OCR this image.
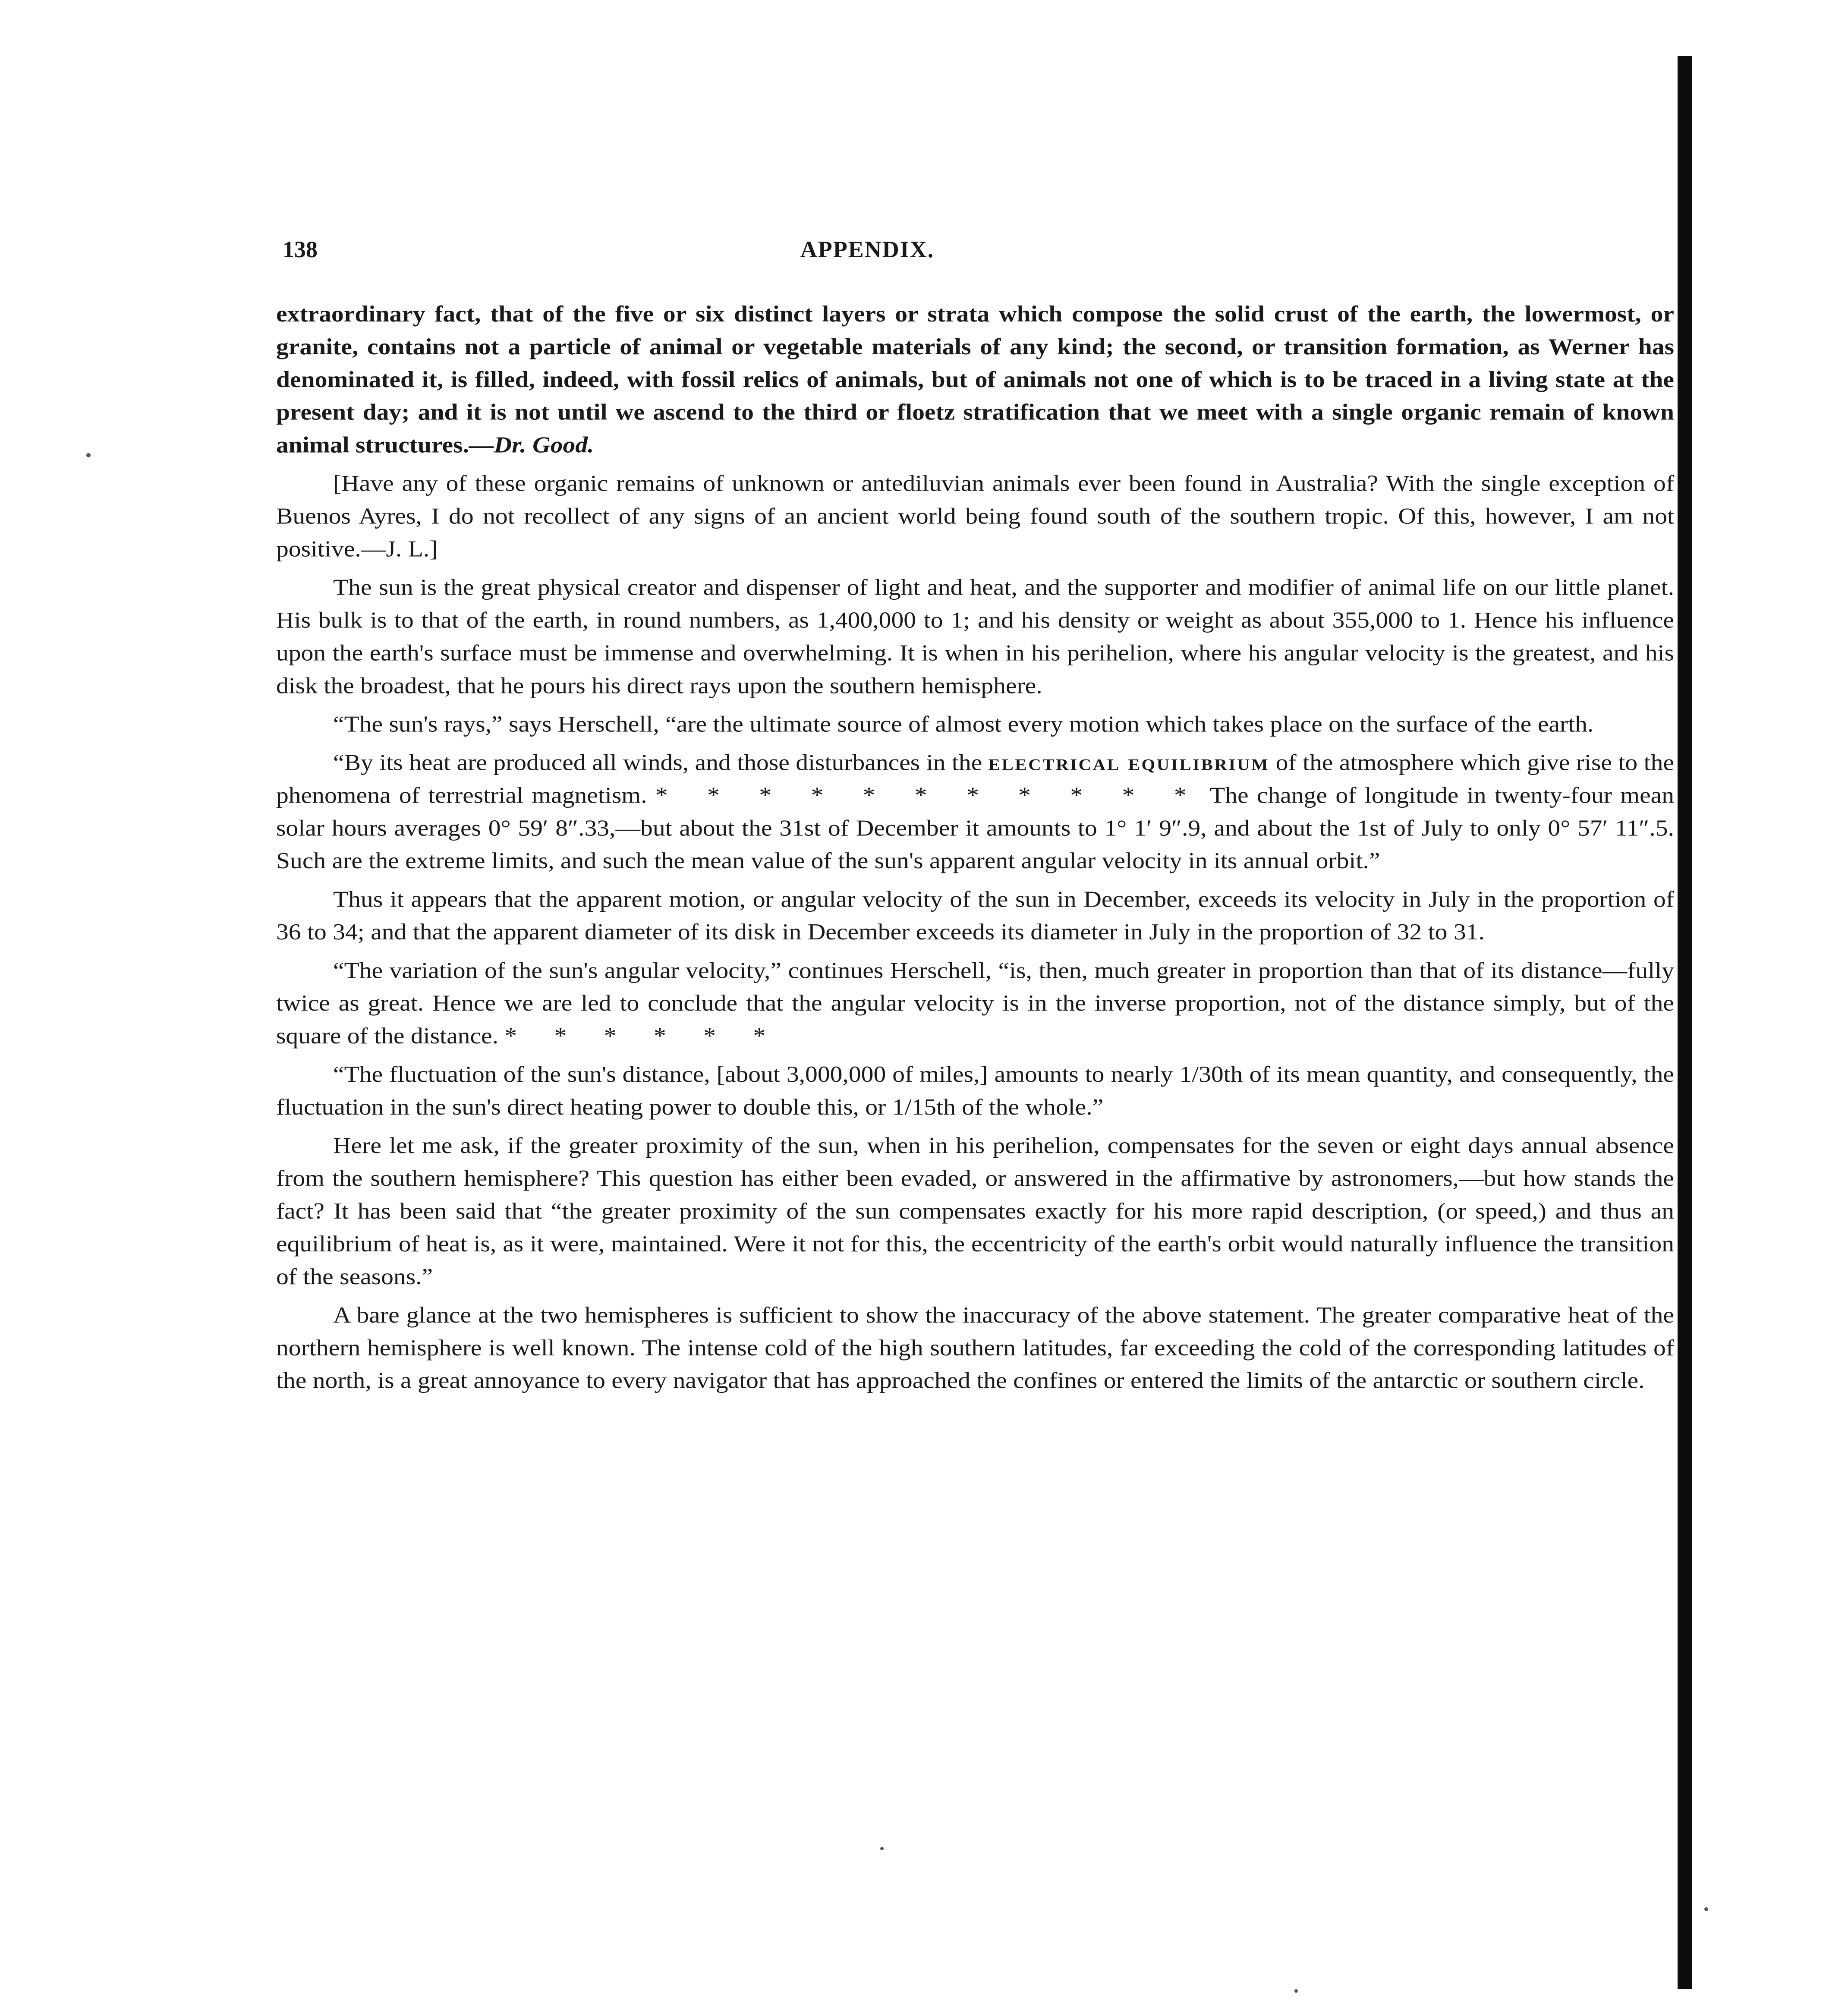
138	APPENDIX.

extraordinary fact, that of the five or six distinct layers or strata which compose the solid crust of the earth, the lowermost, or granite, contains not a particle of animal or vegetable materials of any kind; the second, or transition formation, as Werner has denominated it, is filled, indeed, with fossil relics of animals, but of animals not one of which is to be traced in a living state at the present day; and it is not until we ascend to the third or floetz stratification that we meet with a single organic remain of known animal structures.—Dr. Good.

[Have any of these organic remains of unknown or antediluvian animals ever been found in Australia? With the single exception of Buenos Ayres, I do not recollect of any signs of an ancient world being found south of the southern tropic. Of this, however, I am not positive.—J. L.]

The sun is the great physical creator and dispenser of light and heat, and the supporter and modifier of animal life on our little planet. His bulk is to that of the earth, in round numbers, as 1,400,000 to 1; and his density or weight as about 355,000 to 1. Hence his influence upon the earth's surface must be immense and overwhelming. It is when in his perihelion, where his angular velocity is the greatest, and his disk the broadest, that he pours his direct rays upon the southern hemisphere.

“The sun's rays,” says Herschell, “are the ultimate source of almost every motion which takes place on the surface of the earth.

“By its heat are produced all winds, and those disturbances in the electrical equilibrium of the atmosphere which give rise to the phenomena of terrestrial magnetism. * * * * * * * * * * * The change of longitude in twenty-four mean solar hours averages 0° 59′ 8″.33,—but about the 31st of December it amounts to 1° 1′ 9″.9, and about the 1st of July to only 0° 57′ 11″.5. Such are the extreme limits, and such the mean value of the sun's apparent angular velocity in its annual orbit.”

Thus it appears that the apparent motion, or angular velocity of the sun in December, exceeds its velocity in July in the proportion of 36 to 34; and that the apparent diameter of its disk in December exceeds its diameter in July in the proportion of 32 to 31.

“The variation of the sun's angular velocity,” continues Herschell, “is, then, much greater in proportion than that of its distance—fully twice as great. Hence we are led to conclude that the angular velocity is in the inverse proportion, not of the distance simply, but of the square of the distance. * * * * * *

“The fluctuation of the sun's distance, [about 3,000,000 of miles,] amounts to nearly 1/30th of its mean quantity, and consequently, the fluctuation in the sun's direct heating power to double this, or 1/15th of the whole.”

Here let me ask, if the greater proximity of the sun, when in his perihelion, compensates for the seven or eight days annual absence from the southern hemisphere? This question has either been evaded, or answered in the affirmative by astronomers,—but how stands the fact? It has been said that “the greater proximity of the sun compensates exactly for his more rapid description, (or speed,) and thus an equilibrium of heat is, as it were, maintained. Were it not for this, the eccentricity of the earth's orbit would naturally influence the transition of the seasons.”

A bare glance at the two hemispheres is sufficient to show the inaccuracy of the above statement. The greater comparative heat of the northern hemisphere is well known. The intense cold of the high southern latitudes, far exceeding the cold of the corresponding latitudes of the north, is a great annoyance to every navigator that has approached the confines or entered the limits of the antarctic or southern circle.
